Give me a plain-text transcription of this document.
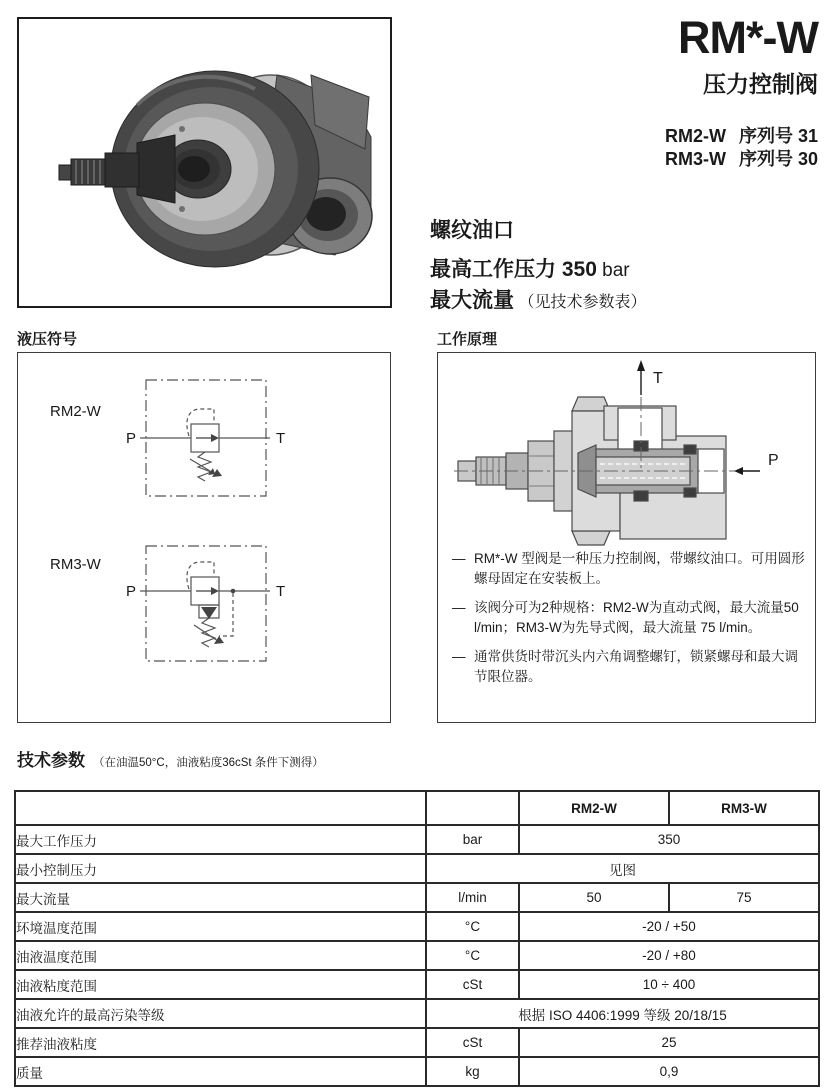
RM*-W
压力控制阀
RM2-W 序列号 31
RM3-W 序列号 30
螺纹油口
最高工作压力 350 bar
最大流量 （见技术参数表）
液压符号
RM2-W
RM3-W
P	T
P	T
工作原理
T
P
— RM*-W 型阀是一种压力控制阀，带螺纹油口。可用圆形螺母固定在安装板上。
— 该阀分可为2种规格：RM2-W为直动式阀，最大流量50 l/min；RM3-W为先导式阀，最大流量 75 l/min。
— 通常供货时带沉头内六角调整螺钉，锁紧螺母和最大调节限位器。
技术参数 （在油温50°C，油液粘度36cSt 条件下测得）
		RM2-W	RM3-W
最大工作压力	bar	350	
最小控制压力	见图		
最大流量	l/min	50	75
环境温度范围	°C	-20 / +50	
油液温度范围	°C	-20 / +80	
油液粘度范围	cSt	10 ÷ 400	
油液允许的最高污染等级	根据 ISO 4406:1999 等级 20/18/15		
推荐油液粘度	cSt	25	
质量	kg	0,9	
